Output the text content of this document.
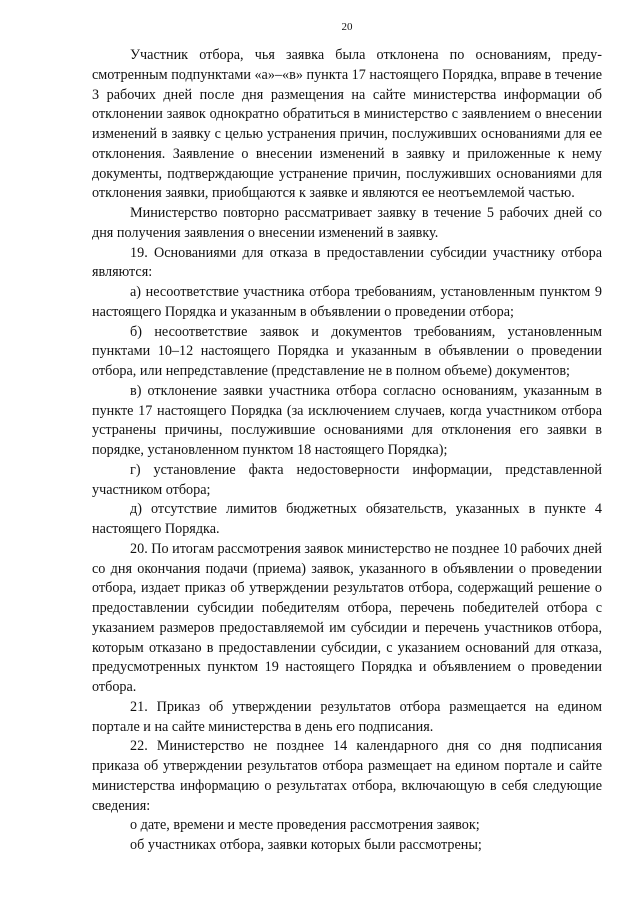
20

Участник отбора, чья заявка была отклонена по основаниям, предусмотренным подпунктами «а»–«в» пункта 17 настоящего Порядка, вправе в течение 3 рабочих дней после дня размещения на сайте министерства информации об отклонении заявок однократно обратиться в министерство с заявлением о внесении изменений в заявку с целью устранения причин, послуживших основаниями для ее отклонения. Заявление о внесении изменений в заявку и приложенные к нему документы, подтверждающие устранение причин, послуживших основаниями для отклонения заявки, приобщаются к заявке и являются ее неотъемлемой частью.

Министерство повторно рассматривает заявку в течение 5 рабочих дней со дня получения заявления о внесении изменений в заявку.

19. Основаниями для отказа в предоставлении субсидии участнику отбора являются:

а) несоответствие участника отбора требованиям, установленным пунктом 9 настоящего Порядка и указанным в объявлении о проведении отбора;

б) несоответствие заявок и документов требованиям, установленным пунктами 10–12 настоящего Порядка и указанным в объявлении о проведении отбора, или непредставление (представление не в полном объеме) документов;

в) отклонение заявки участника отбора согласно основаниям, указанным в пункте 17 настоящего Порядка (за исключением случаев, когда участником отбора устранены причины, послужившие основаниями для отклонения его заявки в порядке, установленном пунктом 18 настоящего Порядка);

г) установление факта недостоверности информации, представленной участником отбора;

д) отсутствие лимитов бюджетных обязательств, указанных в пункте 4 настоящего Порядка.

20. По итогам рассмотрения заявок министерство не позднее 10 рабочих дней со дня окончания подачи (приема) заявок, указанного в объявлении о проведении отбора, издает приказ об утверждении результатов отбора, содержащий решение о предоставлении субсидии победителям отбора, перечень победителей отбора с указанием размеров предоставляемой им субсидии и перечень участников отбора, которым отказано в предоставлении субсидии, с указанием оснований для отказа, предусмотренных пунктом 19 настоящего Порядка и объявлением о проведении отбора.

21. Приказ об утверждении результатов отбора размещается на едином портале и на сайте министерства в день его подписания.

22. Министерство не позднее 14 календарного дня со дня подписания приказа об утверждении результатов отбора размещает на едином портале и сайте министерства информацию о результатах отбора, включающую в себя следующие сведения:

о дате, времени и месте проведения рассмотрения заявок;

об участниках отбора, заявки которых были рассмотрены;
